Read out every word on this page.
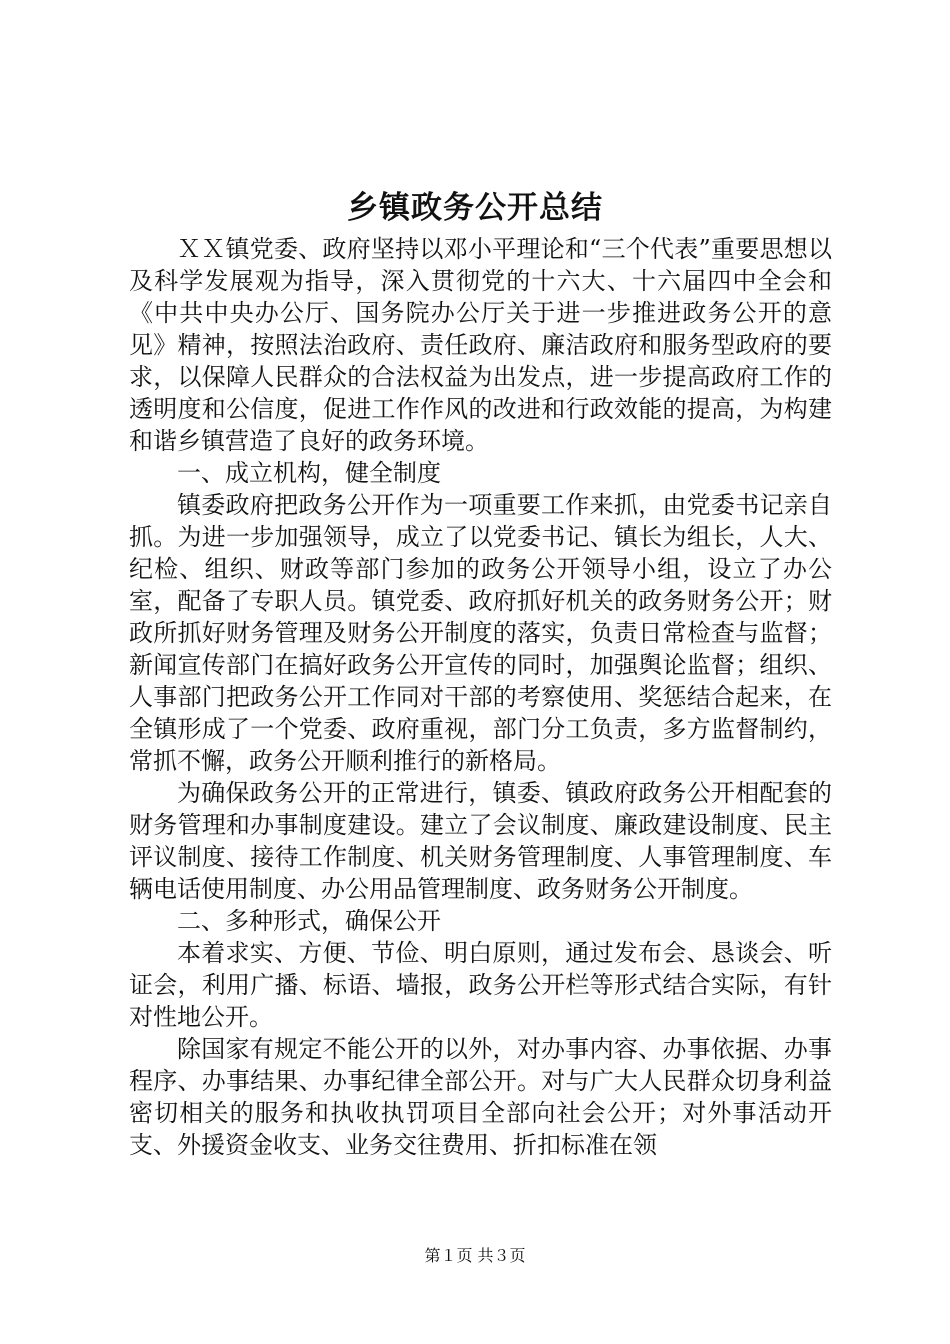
乡镇政务公开总结

ＸＸ镇党委、政府坚持以邓小平理论和“三个代表”重要思想以及科学发展观为指导，深入贯彻党的十六大、十六届四中全会和《中共中央办公厅、国务院办公厅关于进一步推进政务公开的意见》精神，按照法治政府、责任政府、廉洁政府和服务型政府的要求，以保障人民群众的合法权益为出发点，进一步提高政府工作的透明度和公信度，促进工作作风的改进和行政效能的提高，为构建和谐乡镇营造了良好的政务环境。

一、成立机构，健全制度

镇委政府把政务公开作为一项重要工作来抓，由党委书记亲自抓。为进一步加强领导，成立了以党委书记、镇长为组长，人大、纪检、组织、财政等部门参加的政务公开领导小组，设立了办公室，配备了专职人员。镇党委、政府抓好机关的政务财务公开；财政所抓好财务管理及财务公开制度的落实，负责日常检查与监督；新闻宣传部门在搞好政务公开宣传的同时，加强舆论监督；组织、人事部门把政务公开工作同对干部的考察使用、奖惩结合起来，在全镇形成了一个党委、政府重视，部门分工负责，多方监督制约，常抓不懈，政务公开顺利推行的新格局。

为确保政务公开的正常进行，镇委、镇政府政务公开相配套的财务管理和办事制度建设。建立了会议制度、廉政建设制度、民主评议制度、接待工作制度、机关财务管理制度、人事管理制度、车辆电话使用制度、办公用品管理制度、政务财务公开制度。

二、多种形式，确保公开

本着求实、方便、节俭、明白原则，通过发布会、恳谈会、听证会，利用广播、标语、墙报，政务公开栏等形式结合实际，有针对性地公开。

除国家有规定不能公开的以外，对办事内容、办事依据、办事程序、办事结果、办事纪律全部公开。对与广大人民群众切身利益密切相关的服务和执收执罚项目全部向社会公开；对外事活动开支、外援资金收支、业务交往费用、折扣标准在领

第１页 共３页
